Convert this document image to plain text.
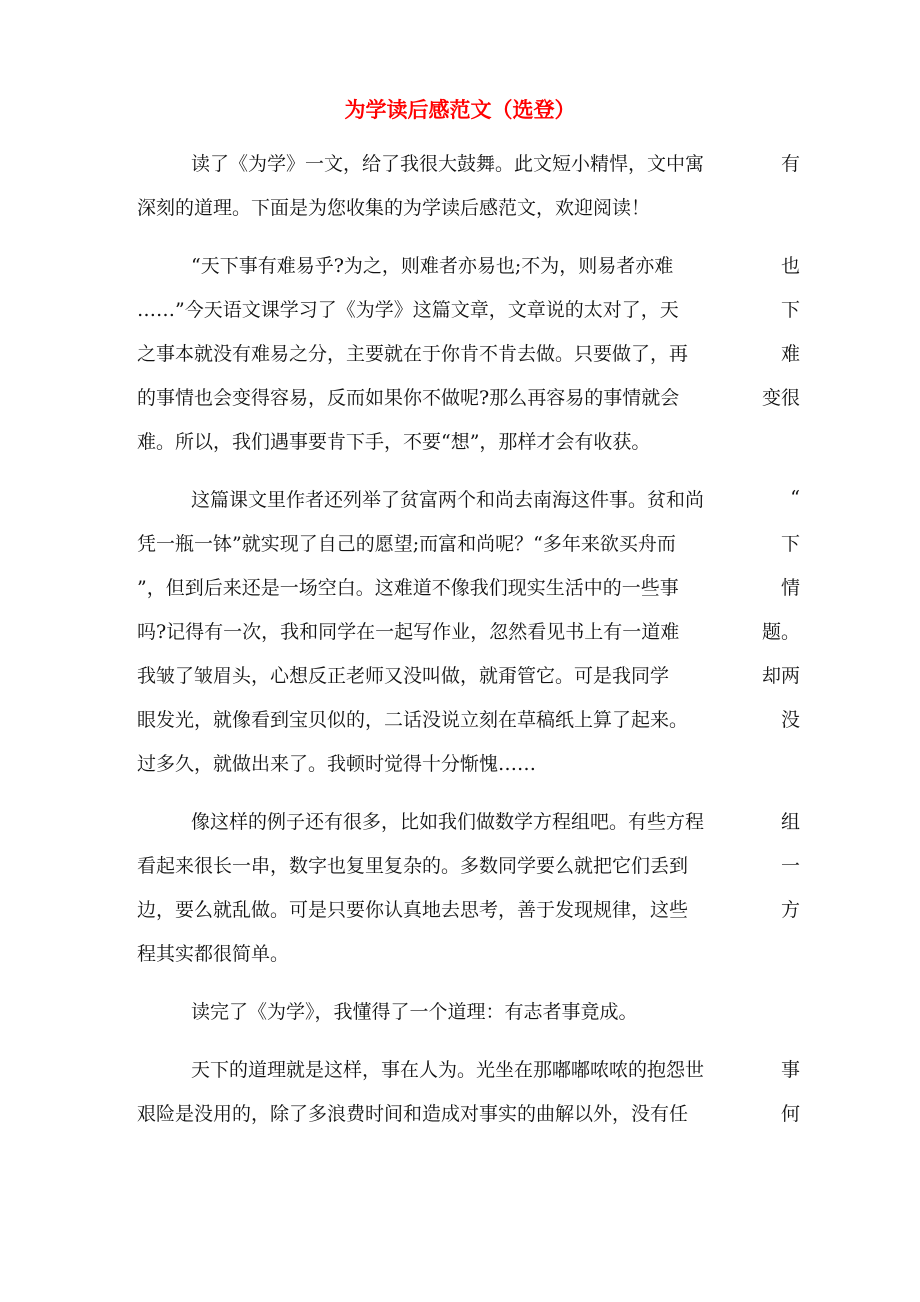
为学读后感范文（选登）
读了《为学》一文，给了我很大鼓舞。此文短小精悍，文中寓	有
深刻的道理。下面是为您收集的为学读后感范文，欢迎阅读！
“天下事有难易乎?为之，则难者亦易也;不为，则易者亦难	也
……”今天语文课学习了《为学》这篇文章，文章说的太对了，天	下
之事本就没有难易之分，主要就在于你肯不肯去做。只要做了，再	难
的事情也会变得容易，反而如果你不做呢?那么再容易的事情就会	变很
难。所以，我们遇事要肯下手，不要“想”，那样才会有收获。
这篇课文里作者还列举了贫富两个和尚去南海这件事。贫和尚	“
凭一瓶一钵”就实现了自己的愿望;而富和尚呢？“多年来欲买舟而	下
”，但到后来还是一场空白。这难道不像我们现实生活中的一些事	情
吗?记得有一次，我和同学在一起写作业，忽然看见书上有一道难	题。
我皱了皱眉头，心想反正老师又没叫做，就甭管它。可是我同学	却两
眼发光，就像看到宝贝似的，二话没说立刻在草稿纸上算了起来。	没
过多久，就做出来了。我顿时觉得十分惭愧……
像这样的例子还有很多，比如我们做数学方程组吧。有些方程	组
看起来很长一串，数字也复里复杂的。多数同学要么就把它们丢到	一
边，要么就乱做。可是只要你认真地去思考，善于发现规律，这些	方
程其实都很简单。
读完了《为学》，我懂得了一个道理：有志者事竟成。
天下的道理就是这样，事在人为。光坐在那嘟嘟哝哝的抱怨世	事
艰险是没用的，除了多浪费时间和造成对事实的曲解以外，没有任	何
